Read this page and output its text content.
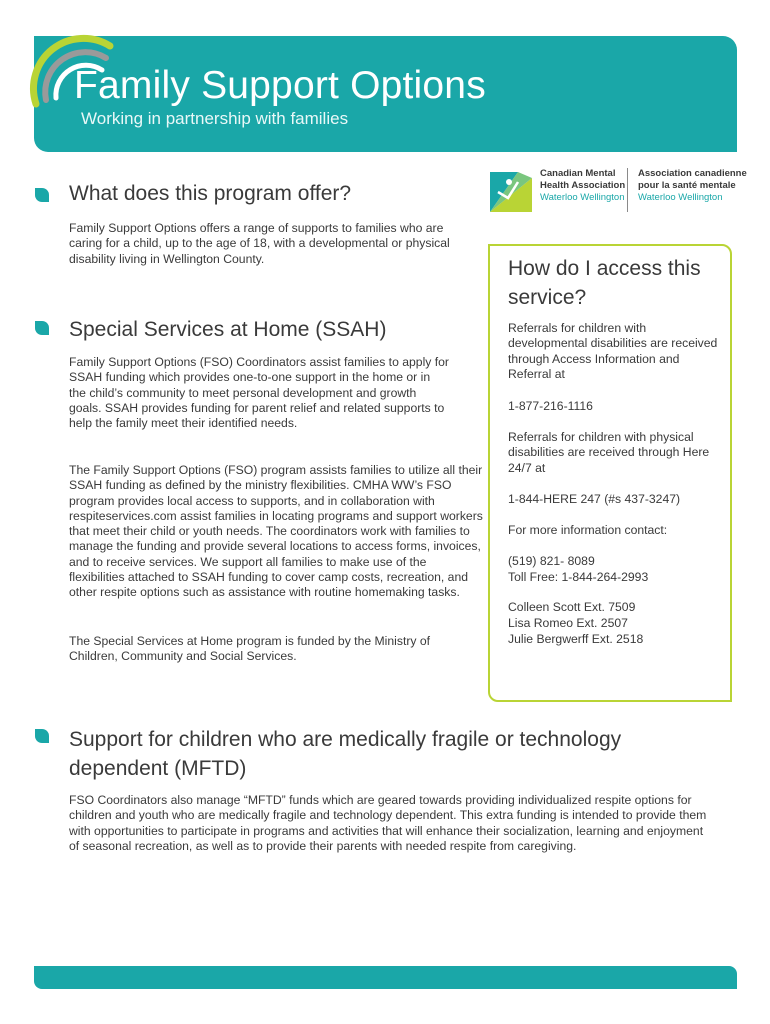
Family Support Options
Working in partnership with families
Canadian Mental
Health Association
Waterloo Wellington
Association canadienne
pour la santé mentale
Waterloo Wellington
What does this program offer?
Family Support Options offers a range of supports to families who are caring for a child, up to the age of 18, with a developmental or physical disability living in Wellington County.
Special Services at Home (SSAH)
Family Support Options (FSO) Coordinators assist families to apply for SSAH funding which provides one-to-one support in the home or in the child’s community to meet personal development and growth goals. SSAH provides funding for parent relief and related supports to help the family meet their identified needs.
The Family Support Options (FSO) program assists families to utilize all their SSAH funding as defined by the ministry flexibilities. CMHA WW’s FSO program provides local access to supports, and in collaboration with respiteservices.com assist families in locating programs and support workers that meet their child or youth needs. The coordinators work with families to manage the funding and provide several locations to access forms, invoices, and to receive services. We support all families to make use of the flexibilities attached to SSAH funding to cover camp costs, recreation, and other respite options such as assistance with routine homemaking tasks.
The Special Services at Home program is funded by the Ministry of Children, Community and Social Services.
How do I access this service?
Referrals for children with developmental disabilities are received through Access Information and Referral at
1-877-216-1116
Referrals for children with physical disabilities are received through Here 24/7 at
1-844-HERE 247 (#s 437-3247)
For more information contact:
(519) 821- 8089
Toll Free: 1-844-264-2993
Colleen Scott Ext. 7509
Lisa Romeo Ext. 2507
Julie Bergwerff Ext. 2518
Support for children who are medically fragile or technology dependent (MFTD)
FSO Coordinators also manage “MFTD” funds which are geared towards providing individualized respite options for children and youth who are medically fragile and technology dependent. This extra funding is intended to provide them with opportunities to participate in programs and activities that will enhance their socialization, learning and enjoyment of seasonal recreation, as well as to provide their parents with needed respite from caregiving.
